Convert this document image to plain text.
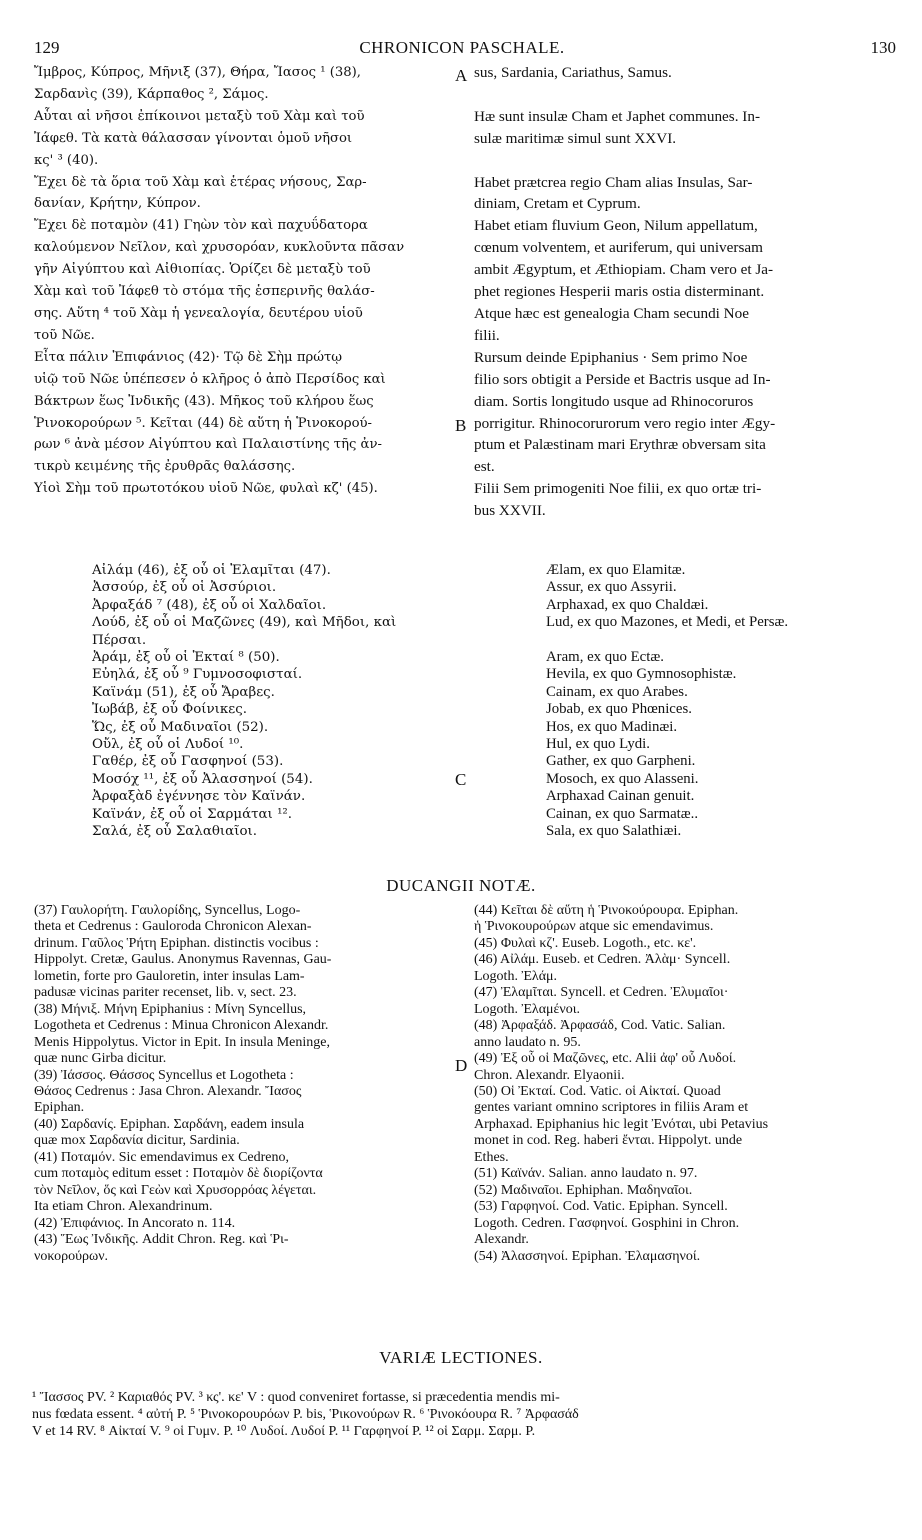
129	CHRONICON PASCHALE.	130

Ἴμβρος, Κύπρος, Μῆνιξ (37), Θήρα, Ἴασος ¹ (38),

Σαρδανὶς (39), Κάρπαθος ², Σάμος.

Αὗται αἱ νῆσοι ἐπίκοινοι μεταξὺ τοῦ Χὰμ καὶ τοῦ

Ἰάφεθ. Τὰ κατὰ θάλασσαν γίνονται ὁμοῦ νῆσοι

κς' ³ (40).

Ἔχει δὲ τὰ ὅρια τοῦ Χὰμ καὶ ἑτέρας νήσους, Σαρ-

δανίαν, Κρήτην, Κύπρον.

Ἔχει δὲ ποταμὸν (41) Γηὼν τὸν καὶ παχυΰδατορα

καλούμενον Νεῖλον, καὶ χρυσορόαν, κυκλοῦντα πᾶσαν

γῆν Αἰγύπτου καὶ Αἰθιοπίας. Ὁρίζει δὲ μεταξὺ τοῦ

Χὰμ καὶ τοῦ Ἰάφεθ τὸ στόμα τῆς ἑσπερινῆς θαλάσ-

σης. Αὕτη ⁴ τοῦ Χὰμ ἡ γενεαλογία, δευτέρου υἱοῦ

τοῦ Νῶε.

Εἶτα πάλιν Ἐπιφάνιος (42)· Τῷ δὲ Σὴμ πρώτῳ

υἱῷ τοῦ Νῶε ὑπέπεσεν ὁ κλῆρος ὁ ἀπὸ Περσίδος καὶ

Βάκτρων ἕως Ἰνδικῆς (43). Μῆκος τοῦ κλήρου ἕως

Ῥινοκορούρων ⁵. Κεῖται (44) δὲ αὕτη ἡ Ῥινοκορού-

ρων ⁶ ἀνὰ μέσον Αἰγύπτου καὶ Παλαιστίνης τῆς ἀν-

τικρὺ κειμένης τῆς ἐρυθρᾶς θαλάσσης.

Υἱοὶ Σὴμ τοῦ πρωτοτόκου υἱοῦ Νῶε, φυλαὶ κζ' (45).

sus, Sardania, Cariathus, Samus.

Hæ sunt insulæ Cham et Japhet communes. In-

sulæ maritimæ simul sunt XXVI.

Habet prætcrea regio Cham alias Insulas, Sar-

diniam, Cretam et Cyprum.

Habet etiam fluvium Geon, Nilum appellatum,

cœnum volventem, et auriferum, qui universam

ambit Ægyptum, et Æthiopiam. Cham vero et Ja-

phet regiones Hesperii maris ostia disterminant.

Atque hæc est genealogia Cham secundi Noe

filii.

Rursum deinde Epiphanius · Sem primo Noe

filio sors obtigit a Perside et Bactris usque ad In-

diam. Sortis longitudo usque ad Rhinocoruros

porrigitur. Rhinocorurorum vero regio inter Ægy-

ptum et Palæstinam mari Erythræ obversam sita

est.

Filii Sem primogeniti Noe filii, ex quo ortæ tri-

bus XXVII.

Αἰλάμ (46), ἐξ οὗ οἱ Ἐλαμῖται (47).

Ἀσσούρ, ἐξ οὗ οἱ Ἀσσύριοι.

Ἀρφαξάδ ⁷ (48), ἐξ οὗ οἱ Χαλδαῖοι.

Λούδ, ἐξ οὗ οἱ Μαζῶνες (49), καὶ Μῆδοι, καὶ

Πέρσαι.

Ἀράμ, ἐξ οὗ οἱ Ἐκταί ⁸ (50).

Εὐηλά, ἐξ οὗ ⁹ Γυμνοσοφισταί.

Καϊνάμ (51), ἐξ οὗ Ἄραβες.

Ἰωβάβ, ἐξ οὗ Φοίνικες.

Ὥς, ἐξ οὗ Μαδιναῖοι (52).

Οὔλ, ἐξ οὗ οἱ Λυδοί ¹⁰.

Γαθέρ, ἐξ οὗ Γασφηνοί (53).

Μοσόχ ¹¹, ἐξ οὗ Ἀλασσηνοί (54).

Ἀρφαξὰδ ἐγέννησε τὸν Καϊνάν.

Καϊνάν, ἐξ οὗ οἱ Σαρμάται ¹².

Σαλά, ἐξ οὗ Σαλαθιαῖοι.

Ælam, ex quo Elamitæ.

Assur, ex quo Assyrii.

Arphaxad, ex quo Chaldæi.

Lud, ex quo Mazones, et Medi, et Persæ.

Aram, ex quo Ectæ.

Hevila, ex quo Gymnosophistæ.

Cainam, ex quo Arabes.

Jobab, ex quo Phœnices.

Hos, ex quo Madinæi.

Hul, ex quo Lydi.

Gather, ex quo Garpheni.

Mosoch, ex quo Alasseni.

Arphaxad Cainan genuit.

Cainan, ex quo Sarmatæ..

Sala, ex quo Salathiæi.

A
B
C
D
DUCANGII NOTÆ.

(37) Γαυλορήτη. Γαυλορίδης, Syncellus, Logo-

theta et Cedrenus : Gauloroda Chronicon Alexan-

drinum. Γαῦλος Ῥήτη Epiphan. distinctis vocibus :

Hippolyt. Cretæ, Gaulus. Anonymus Ravennas, Gau-

lometin, forte pro Gauloretin, inter insulas Lam-

padusæ vicinas pariter recenset, lib. v, sect. 23.

(38) Μήνιξ. Μήνη Epiphanius : Μίνη Syncellus,

Logotheta et Cedrenus : Minua Chronicon Alexandr.

Menis Hippolytus. Victor in Epit. In insula Meninge,

quæ nunc Girba dicitur.

(39) Ἰάσσος. Θάσσος Syncellus et Logotheta :

Θάσος Cedrenus : Jasa Chron. Alexandr. Ἴασος

Epiphan.

(40) Σαρδανίς. Epiphan. Σαρδάνη, eadem insula

quæ mox Σαρδανία dicitur, Sardinia.

(41) Ποταμόν. Sic emendavimus ex Cedreno,

cum ποταμὸς editum esset : Ποταμὸν δὲ διορίζοντα

τὸν Νεῖλον, ὅς καὶ Γεὼν καὶ Χρυσορρόας λέγεται.

Ita etiam Chron. Alexandrinum.

(42) Ἐπιφάνιος. In Ancorato n. 114.

(43) Ἕως Ἰνδικῆς. Addit Chron. Reg. καὶ Ῥι-

νοκορούρων.

(44) Κεῖται δὲ αὕτη ἡ Ῥινοκούρουρα. Epiphan.

ἡ Ῥινοκουρούρων atque sic emendavimus.

(45) Φυλαὶ κζ'. Euseb. Logoth., etc. κε'.

(46) Αἰλάμ. Euseb. et Cedren. Ἀλὰμ· Syncell.

Logoth. Ἐλάμ.

(47) Ἐλαμῖται. Syncell. et Cedren. Ἐλυμαῖοι·

Logoth. Ἐλαμένοι.

(48) Ἀρφαξάδ. Ἀρφασάδ, Cod. Vatic. Salian.

anno laudato n. 95.

(49) Ἐξ οὗ οἱ Μαζῶνες, etc. Alii ἀφ' οὗ Λυδοί.

Chron. Alexandr. Elyaonii.

(50) Οἱ Ἐκταί. Cod. Vatic. οἱ Αἰκταί. Quoad

gentes variant omnino scriptores in filiis Aram et

Arphaxad. Epiphanius hic legit Ἐνόται, ubi Petavius

monet in cod. Reg. haberi ἔνται. Hippolyt. unde

Ethes.

(51) Καϊνάν. Salian. anno laudato n. 97.

(52) Μαδιναῖοι. Ephiphan. Μαδηναῖοι.

(53) Γαρφηνοί. Cod. Vatic. Epiphan. Syncell.

Logoth. Cedren. Γασφηνοί. Gosphini in Chron.

Alexandr.

(54) Ἀλασσηνοί. Epiphan. Ἐλαμασηνοί.

VARIÆ LECTIONES.

¹ Ἴασσος PV. ² Καριαθός PV. ³ κς'. κε' V : quod conveniret fortasse, si præcedentia mendis mi-

nus fœdata essent. ⁴ αὐτή P. ⁵ Ῥινοκορουρόων P. bis, Ῥικονούρων R. ⁶ Ῥινοκόουρα R. ⁷ Ἀρφασάδ

V et 14 RV. ⁸ Αἰκταί V. ⁹ οἱ Γυμν. P. ¹⁰ Λυδοί. Λυδοί P. ¹¹ Γαρφηνοί P. ¹² οἱ Σαρμ. Σαρμ. P.
